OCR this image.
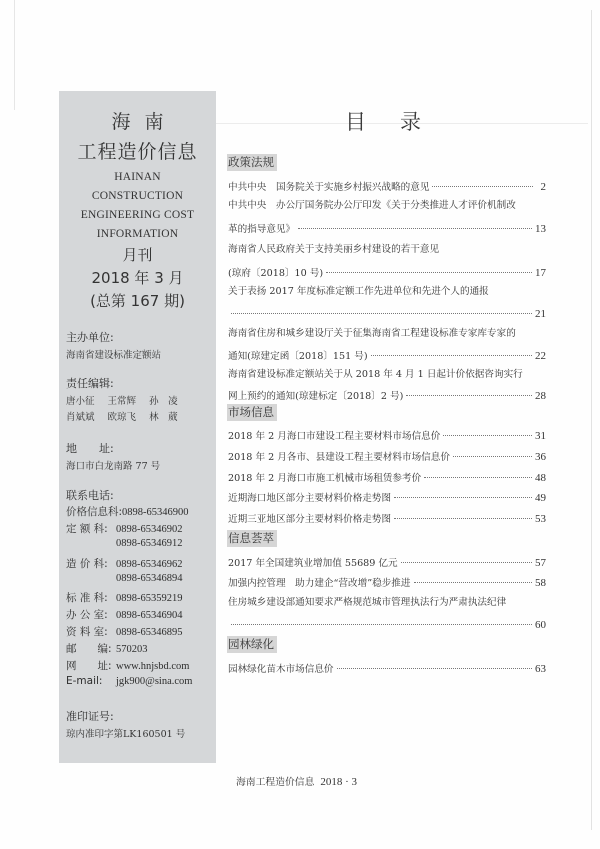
海南
工程造价信息
HAINAN
CONSTRUCTION
ENGINEERING COST
INFORMATION
月刊
2018 年 3 月
(总第 167 期)
主办单位:
海南省建设标准定额站
责任编辑:
唐小征 王常辉 孙　凌
肖斌斌 欧琼飞 林　葳
地　　址:
海口市白龙南路 77 号
联系电话:
价格信息科:0898-65346900
定 额 科: 0898-65346902
0898-65346912
造 价 科: 0898-65346962
0898-65346894
标 准 科: 0898-65359219
办 公 室: 0898-65346904
资 料 室: 0898-65346895
邮　　编: 570203
网　　址: www.hnjsbd.com
E-mail: jgk900@sina.com
准印证号:
琼内准印字第LK160501 号
目录
政策法规
中共中央　国务院关于实施乡村振兴战略的意见	2
中共中央　办公厅国务院办公厅印发《关于分类推进人才评价机制改
革的指导意见》	13
海南省人民政府关于支持美丽乡村建设的若干意见
(琼府〔2018〕10 号)	17
关于表扬 2017 年度标准定额工作先进单位和先进个人的通报
21
海南省住房和城乡建设厅关于征集海南省工程建设标准专家库专家的
通知(琼建定函〔2018〕151 号)	22
海南省建设标准定额站关于从 2018 年 4 月 1 日起计价依据咨询实行
网上预约的通知(琼建标定〔2018〕2 号)	28
市场信息
2018 年 2 月海口市建设工程主要材料市场信息价	31
2018 年 2 月各市、县建设工程主要材料市场信息价	36
2018 年 2 月海口市施工机械市场租赁参考价	48
近期海口地区部分主要材料价格走势图	49
近期三亚地区部分主要材料价格走势图	53
信息荟萃
2017 年全国建筑业增加值 55689 亿元	57
加强内控管理　助力建企“营改增”稳步推进	58
住房城乡建设部通知要求严格规范城市管理执法行为严肃执法纪律
60
园林绿化
园林绿化苗木市场信息价	63
海南工程造价信息 2018 · 3
